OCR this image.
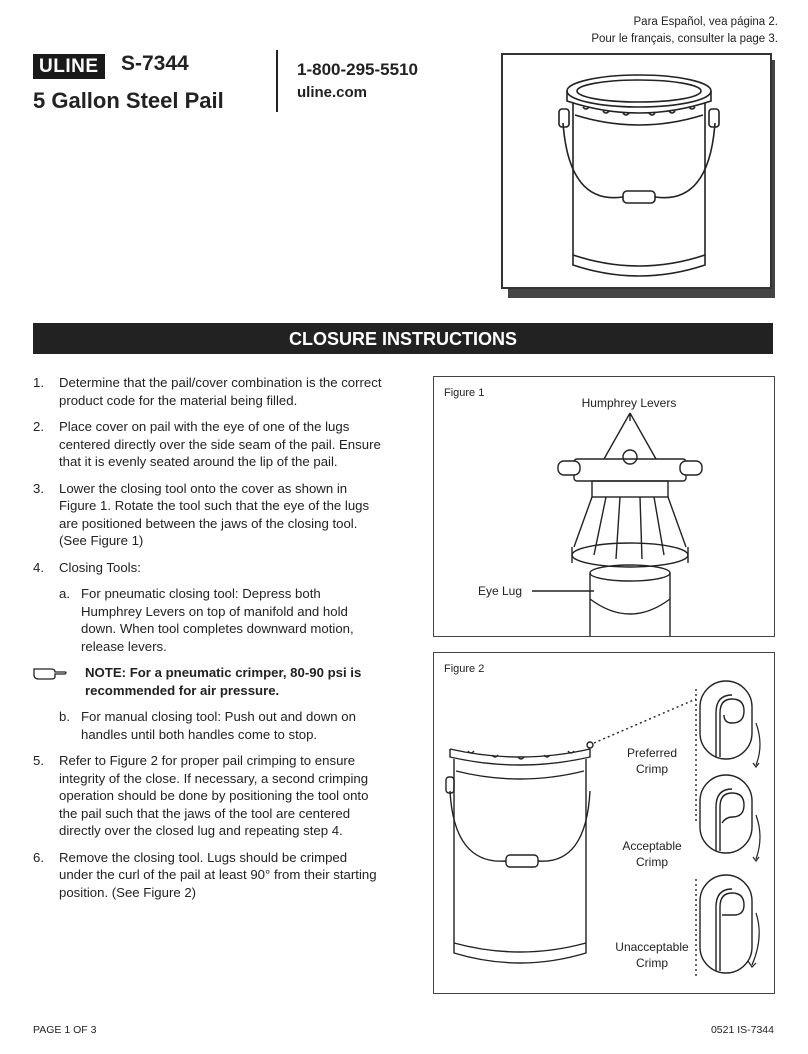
Para Español, vea página 2.
Pour le français, consulter la page 3.
ULINE S-7344
5 Gallon Steel Pail
1-800-295-5510
uline.com
CLOSURE INSTRUCTIONS
1. Determine that the pail/cover combination is the correct product code for the material being filled.
2. Place cover on pail with the eye of one of the lugs centered directly over the side seam of the pail. Ensure that it is evenly seated around the lip of the pail.
3. Lower the closing tool onto the cover as shown in Figure 1. Rotate the tool such that the eye of the lugs are positioned between the jaws of the closing tool. (See Figure 1)
4. Closing Tools:
a. For pneumatic closing tool: Depress both Humphrey Levers on top of manifold and hold down. When tool completes downward motion, release levers.
NOTE: For a pneumatic crimper, 80-90 psi is recommended for air pressure.
b. For manual closing tool: Push out and down on handles until both handles come to stop.
5. Refer to Figure 2 for proper pail crimping to ensure integrity of the close. If necessary, a second crimping operation should be done by positioning the tool onto the pail such that the jaws of the tool are centered directly over the closed lug and repeating step 4.
6. Remove the closing tool. Lugs should be crimped under the curl of the pail at least 90° from their starting position. (See Figure 2)
Figure 1
Humphrey Levers
Eye Lug
Figure 2
Preferred
Crimp
Acceptable
Crimp
Unacceptable
Crimp
PAGE 1 OF 3	0521 IS-7344
